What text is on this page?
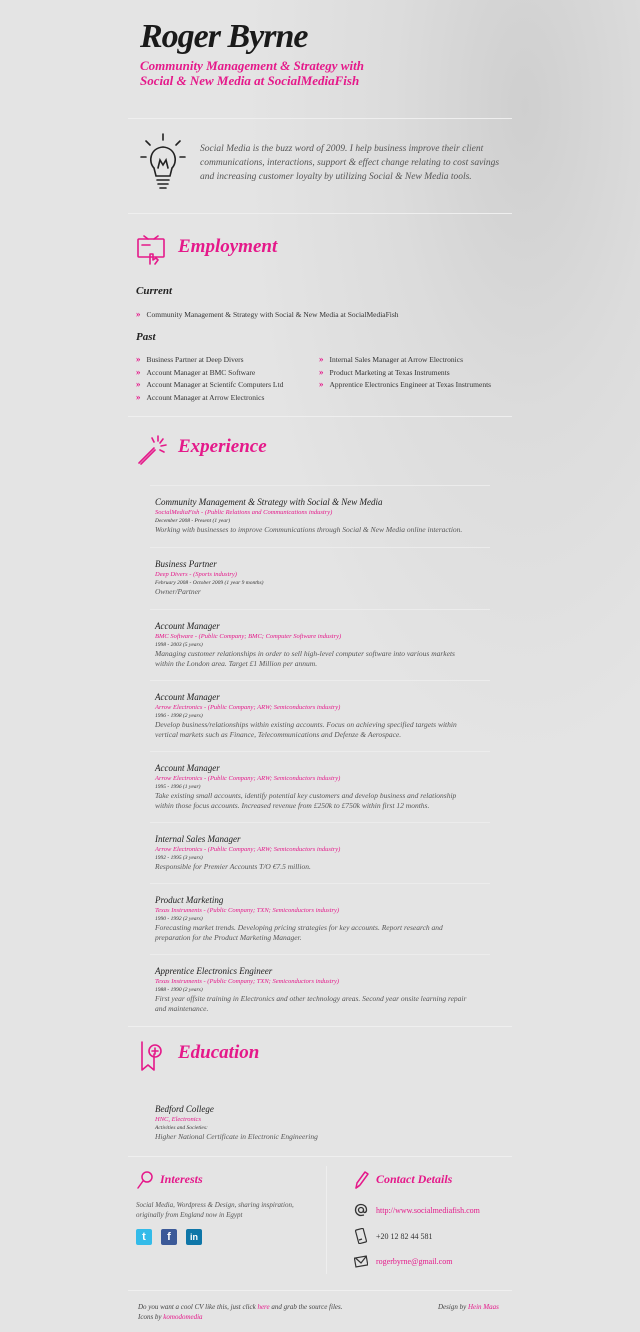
Roger Byrne
Community Management & Strategy with Social & New Media at SocialMediaFish

Social Media is the buzz word of 2009. I help business improve their client communications, interactions, support & effect change relating to cost savings and increasing customer loyalty by utilizing Social & New Media tools.

Employment
Current
» Community Management & Strategy with Social & New Media at SocialMediaFish
Past
» Business Partner at Deep Divers
» Account Manager at BMC Software
» Account Manager at Scientifc Computers Ltd
» Account Manager at Arrow Electronics
» Internal Sales Manager at Arrow Electronics
» Product Marketing at Texas Instruments
» Apprentice Electronics Engineer at Texas Instruments
Experience
Community Management & Strategy with Social & New Media
SocialMediaFish - (Public Relations and Communications industry)
December 2008 - Present (1 year)
Working with businesses to improve Communications through Social & New Media online interaction.
Business Partner
Deep Divers - (Sports industry)
February 2008 - October 2009 (1 year 9 months)
Owner/Partner
Account Manager
BMC Software - (Public Company; BMC; Computer Software industry)
1998 - 2003 (5 years)
Managing customer relationships in order to sell high-level computer software into various markets within the London area. Target £1 Million per annum.
Account Manager
Arrow Electronics - (Public Company; ARW; Semiconductors industry)
1996 - 1998 (2 years)
Develop business/relationships within existing accounts. Focus on achieving specified targets within vertical markets such as Finance, Telecommunications and Defenze & Aerospace.
Account Manager
Arrow Electronics - (Public Company; ARW; Semiconductors industry)
1995 - 1996 (1 year)
Take existing small accounts, identify potential key customers and develop business and relationship within those focus accounts. Increased revenue from £250k to £750k within first 12 months.
Internal Sales Manager
Arrow Electronics - (Public Company; ARW; Semiconductors industry)
1992 - 1995 (3 years)
Responsible for Premier Accounts T/O €7.5 million.
Product Marketing
Texas Instruments - (Public Company; TXN; Semiconductors industry)
1990 - 1992 (2 years)
Forecasting market trends. Developing pricing strategies for key accounts. Report research and preparation for the Product Marketing Manager.
Apprentice Electronics Engineer
Texas Instruments - (Public Company; TXN; Semiconductors industry)
1988 - 1990 (2 years)
First year offsite training in Electronics and other technology areas. Second year onsite learning repair and maintenance.
Education
Bedford College
HNC, Electronics
Activities and Societies:
Higher National Certificate in Electronic Engineering
Interests
Social Media, Wordpress & Design, sharing inspiration, originally from England now in Egypt
t	f	in
Contact Details
http://www.socialmediafish.com
+20 12 82 44 581
rogerbyrne@gmail.com
Do you want a cool CV like this, just click here and grab the source files.
Icons by komodomedia
Design by Hein Maas
